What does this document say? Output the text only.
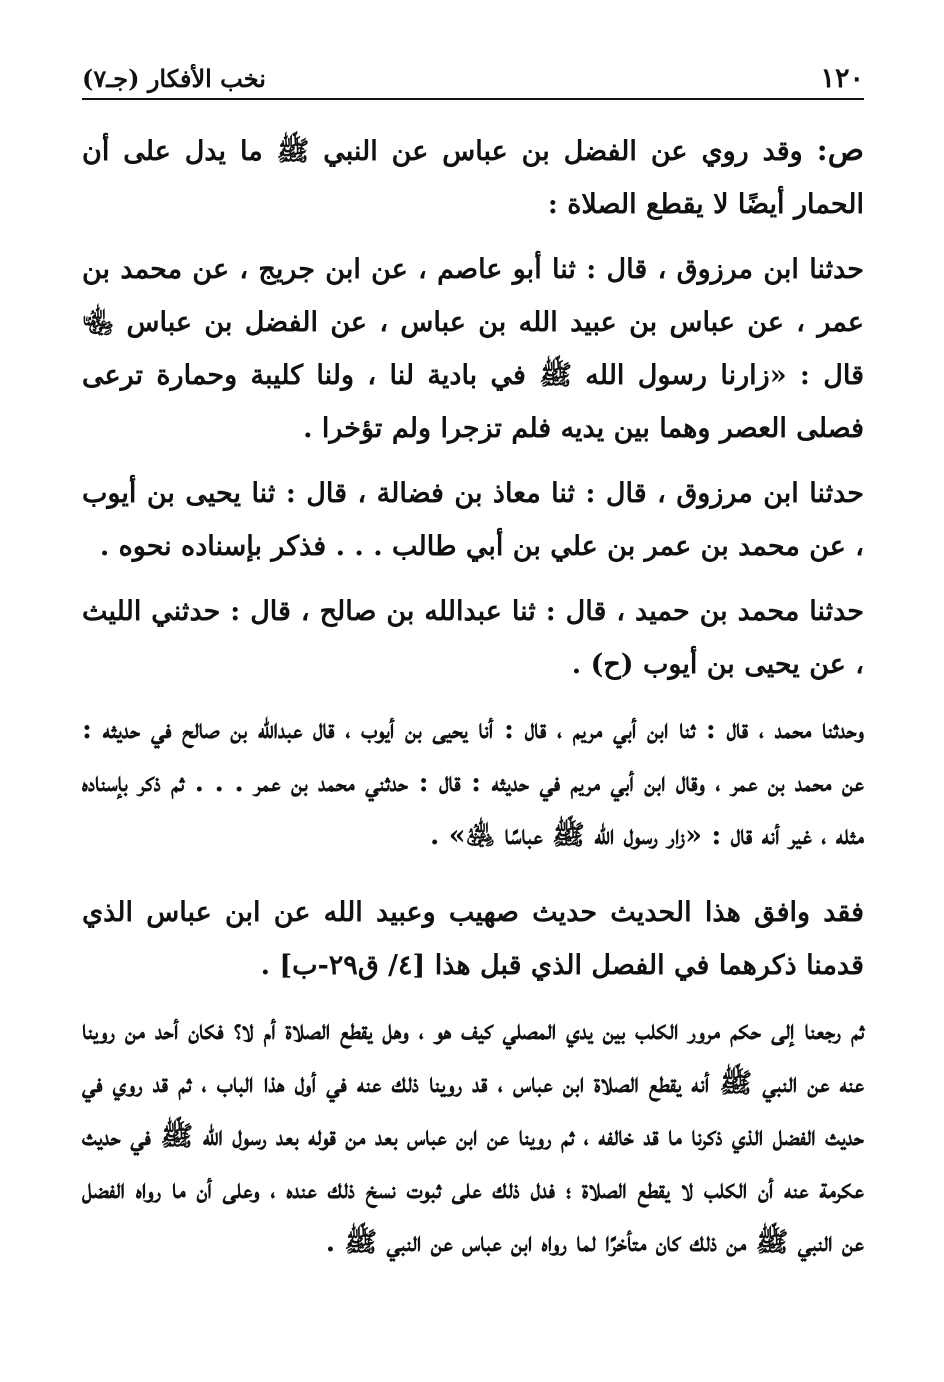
١٢٠
نخب الأفكار (جـ٧)

ص: وقد روي عن الفضل بن عباس عن النبي ﷺ ما يدل على أن الحمار أيضًا لا يقطع الصلاة :

حدثنا ابن مرزوق ، قال : ثنا أبو عاصم ، عن ابن جريج ، عن محمد بن عمر ، عن عباس بن عبيد الله بن عباس ، عن الفضل بن عباس ﵄ قال : «زارنا رسول الله ﷺ في بادية لنا ، ولنا كليبة وحمارة ترعى فصلى العصر وهما بين يديه فلم تزجرا ولم تؤخرا .

حدثنا ابن مرزوق ، قال : ثنا معاذ بن فضالة ، قال : ثنا يحيى بن أيوب ، عن محمد بن عمر بن علي بن أبي طالب . . . فذكر بإسناده نحوه .

حدثنا محمد بن حميد ، قال : ثنا عبدالله بن صالح ، قال : حدثني الليث ، عن يحيى بن أيوب (ح) .

وحدثنا محمد ، قال : ثنا ابن أبي مريم ، قال : أنا يحيى بن أيوب ، قال عبدالله بن صالح في حديثه : عن محمد بن عمر ، وقال ابن أبي مريم في حديثه : قال : حدثني محمد بن عمر . . . ثم ذكر بإسناده مثله ، غير أنه قال : «زار رسول الله ﷺ عباسًا ﵁» .

فقد وافق هذا الحديث حديث صهيب وعبيد الله عن ابن عباس الذي قدمنا ذكرهما في الفصل الذي قبل هذا [٤/ ق٢٩-ب] .

ثم رجعنا إلى حكم مرور الكلب بين يدي المصلي كيف هو ، وهل يقطع الصلاة أم لا؟ فكان أحد من روينا عنه عن النبي ﷺ أنه يقطع الصلاة ابن عباس ، قد روينا ذلك عنه في أول هذا الباب ، ثم قد روي في حديث الفضل الذي ذكرنا ما قد خالفه ، ثم روينا عن ابن عباس بعد من قوله بعد رسول الله ﷺ في حديث عكرمة عنه أن الكلب لا يقطع الصلاة ؛ فدل ذلك على ثبوت نسخ ذلك عنده ، وعلى أن ما رواه الفضل عن النبي ﷺ من ذلك كان متأخرًا لما رواه ابن عباس عن النبي ﷺ .
